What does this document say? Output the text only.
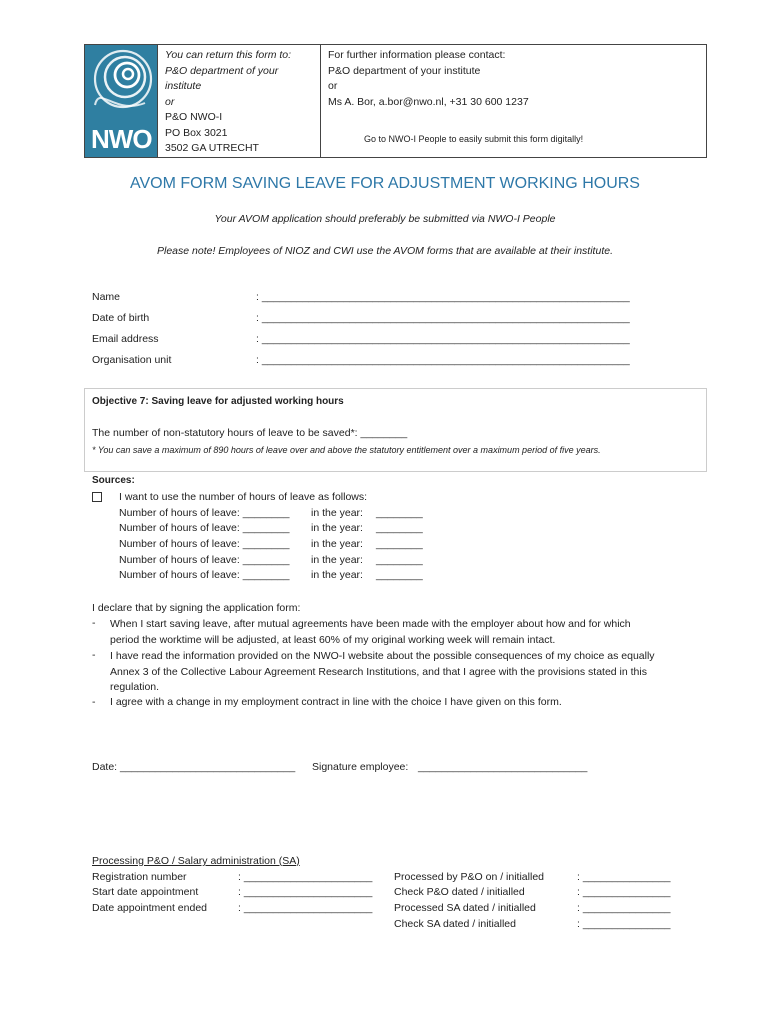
NWO
You can return this form to:
P&O department of your
institute
or
P&O NWO-I
PO Box 3021
3502 GA UTRECHT
For further information please contact:
P&O department of your institute
or
Ms A. Bor, a.bor@nwo.nl, +31 30 600 1237
Go to NWO-I People to easily submit this form digitally!
AVOM FORM SAVING LEAVE FOR ADJUSTMENT WORKING HOURS
Your AVOM application should preferably be submitted via NWO-I People
Please note! Employees of NIOZ and CWI use the AVOM forms that are available at their institute.
Name	: _______________________________________________________________
Date of birth	: _______________________________________________________________
Email address	: _______________________________________________________________
Organisation unit	: _______________________________________________________________
Objective 7: Saving leave for adjusted working hours
The number of non-statutory hours of leave to be saved*: ________
* You can save a maximum of 890 hours of leave over and above the statutory entitlement over a maximum period of five years.
Sources:
I want to use the number of hours of leave as follows:
Number of hours of leave: ________ in the year: ________
Number of hours of leave: ________ in the year: ________
Number of hours of leave: ________ in the year: ________
Number of hours of leave: ________ in the year: ________
Number of hours of leave: ________ in the year: ________
I declare that by signing the application form:
- When I start saving leave, after mutual agreements have been made with the employer about how and for which
period the worktime will be adjusted, at least 60% of my original working week will remain intact.
- I have read the information provided on the NWO-I website about the possible consequences of my choice as equally
Annex 3 of the Collective Labour Agreement Research Institutions, and that I agree with the provisions stated in this
regulation.
- I agree with a change in my employment contract in line with the choice I have given on this form.
Date: ______________________________ Signature employee: _____________________________
Processing P&O / Salary administration (SA)
Registration number	: ______________________
Start date appointment	: ______________________
Date appointment ended	: ______________________
Processed by P&O on / initialled	: _______________
Check P&O dated / initialled	: _______________
Processed SA dated / initialled	: _______________
Check SA dated / initialled	: _______________
